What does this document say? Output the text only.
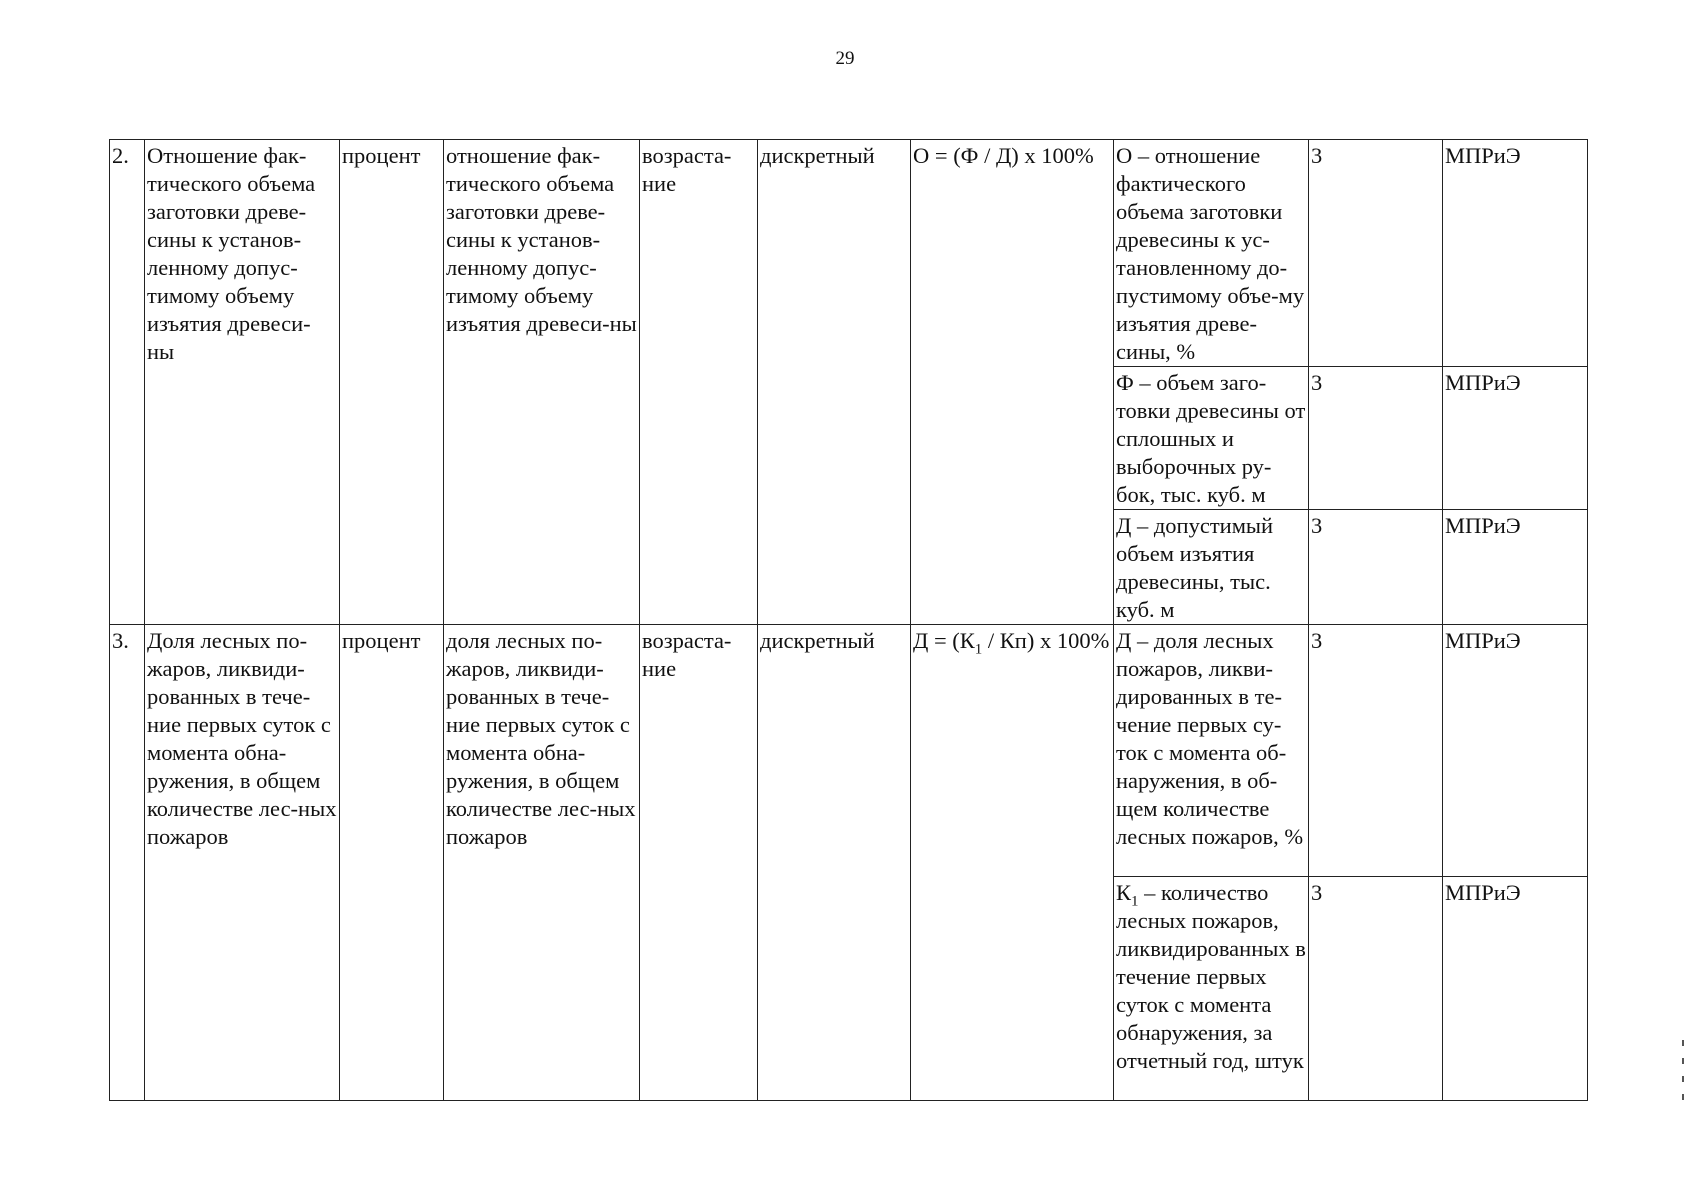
29
2.	Отношение фак-тического объема заготовки древе-сины к установ-ленному допус-тимому объему изъятия древеси-ны	процент	отношение фак-тического объема заготовки древе-сины к установ-ленному допус-тимому объему изъятия древеси-ны	возраста-ние	дискретный	О = (Ф / Д) х 100%	О – отношение фактического объема заготовки древесины к ус-тановленному до-пустимому объе-му изъятия древе-сины, %	3	МПРиЭ
							Ф – объем заго-товки древесины от сплошных и выборочных ру-бок, тыс. куб. м	3	МПРиЭ
							Д – допустимый объем изъятия древесины, тыс. куб. м	3	МПРиЭ
3.	Доля лесных по-жаров, ликвиди-рованных в тече-ние первых суток с момента обна-ружения, в общем количестве лес-ных пожаров	процент	доля лесных по-жаров, ликвиди-рованных в тече-ние первых суток с момента обна-ружения, в общем количестве лес-ных пожаров	возраста-ние	дискретный	$Д = (К_1 / Кп)$ х 100%	Д – доля лесных пожаров, ликви-дированных в те-чение первых су-ток с момента об-наружения, в об-щем количестве лесных пожаров, %	3	МПРиЭ
							$К_1$ – количество лесных пожаров, ликвидированных в течение первых суток с момента обнаружения, за отчетный год, штук	3	МПРиЭ
